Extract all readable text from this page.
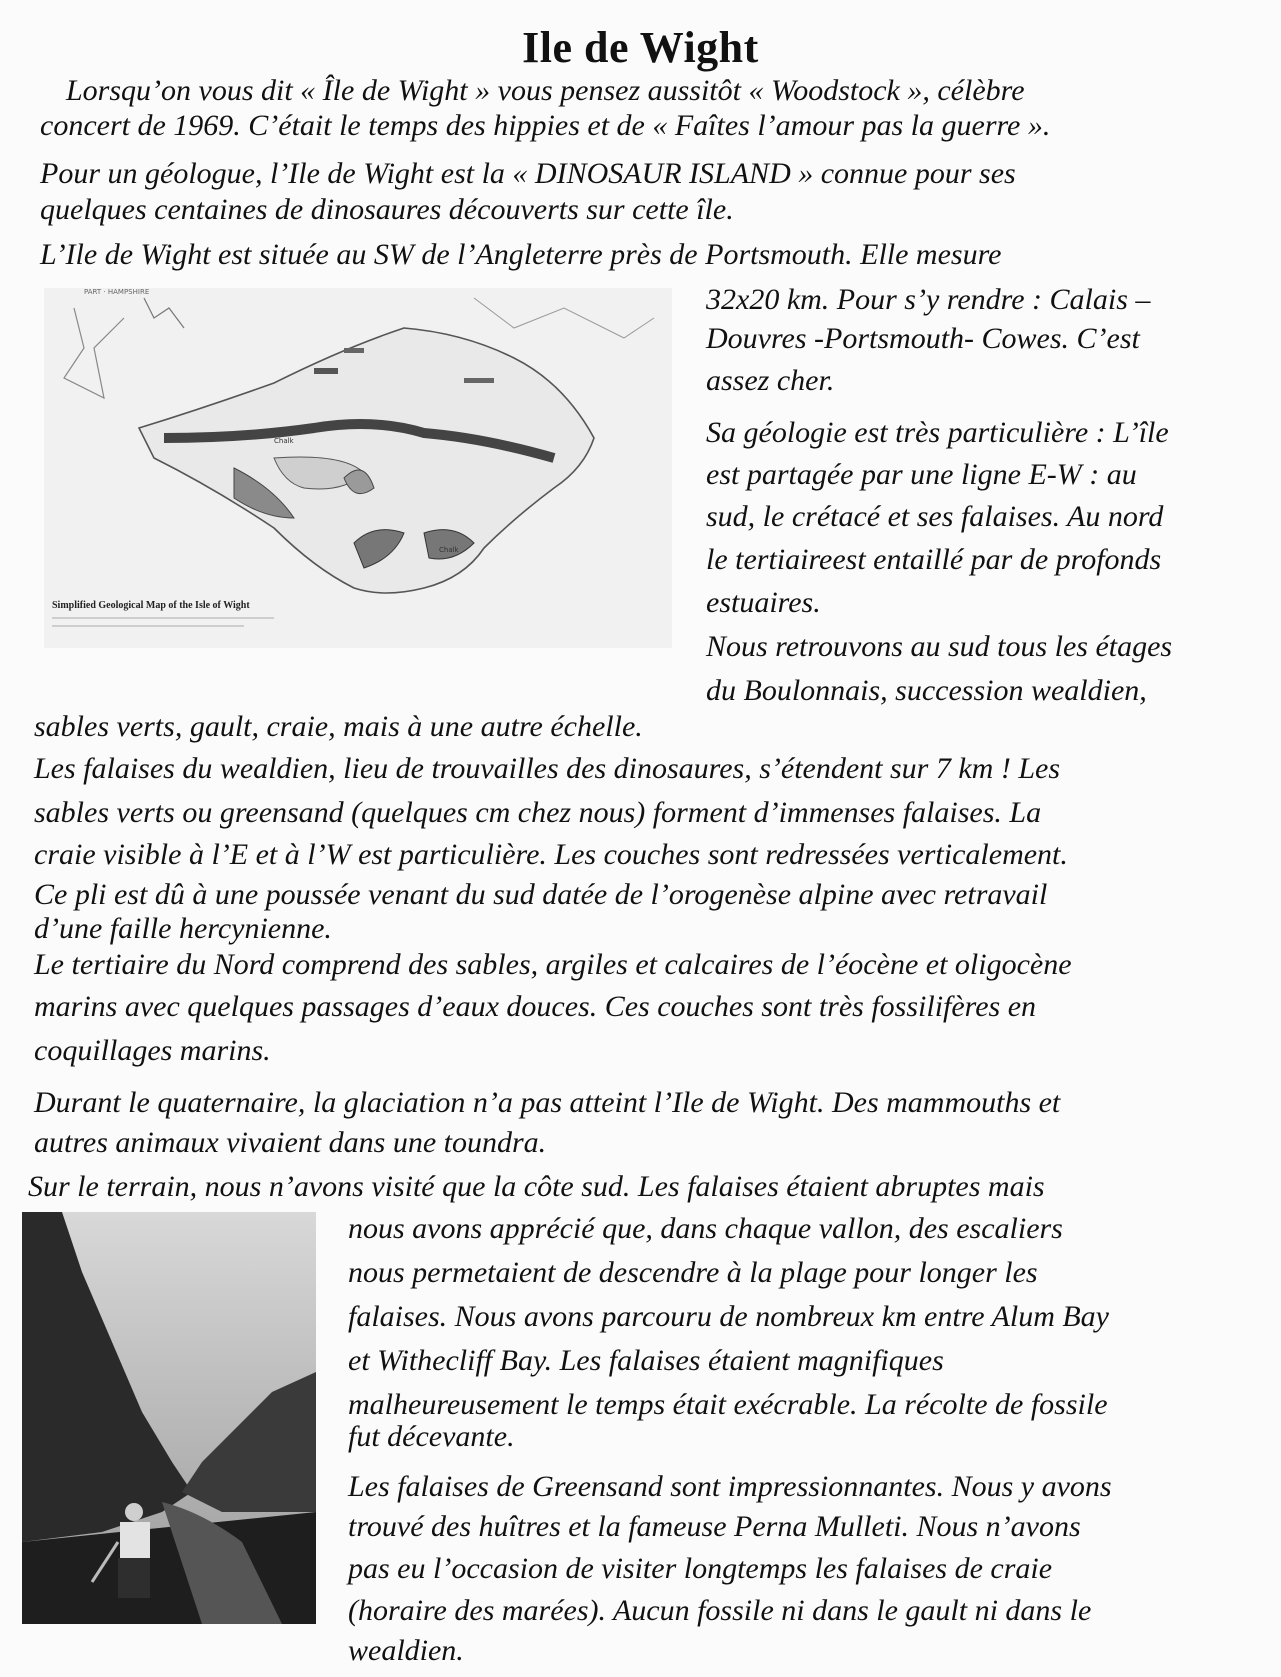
Ile de Wight
Chalk
Chalk
PART · HAMPSHIRE
Simplified Geological Map of the Isle of Wight
Lorsqu’on vous dit « Île de Wight » vous pensez aussitôt « Woodstock », célèbre
concert de 1969. C’était le temps des hippies et de « Faîtes l’amour pas la guerre ».
Pour un géologue, l’Ile de Wight est la « DINOSAUR ISLAND » connue pour ses
quelques centaines de dinosaures découverts sur cette île.
L’Ile de Wight est située au SW de l’Angleterre près de Portsmouth. Elle mesure
32x20 km. Pour s’y rendre : Calais –
Douvres -Portsmouth- Cowes. C’est
assez cher.
Sa géologie est très particulière : L’île
est partagée par une ligne E-W : au
sud, le crétacé et ses falaises. Au nord
le tertiaireest entaillé par de profonds
estuaires.
Nous retrouvons au sud tous les étages
du Boulonnais, succession wealdien,
sables verts, gault, craie, mais à une autre échelle.
Les falaises du wealdien, lieu de trouvailles des dinosaures, s’étendent sur 7 km ! Les
sables verts ou greensand (quelques cm chez nous) forment d’immenses falaises. La
craie visible à l’E et à l’W est particulière. Les couches sont redressées verticalement.
Ce pli est dû à une poussée venant du sud datée de l’orogenèse alpine avec retravail
d’une faille hercynienne.
Le tertiaire du Nord comprend des sables, argiles et calcaires de l’éocène et oligocène
marins avec quelques passages d’eaux douces. Ces couches sont très fossilifères en
coquillages marins.
Durant le quaternaire, la glaciation n’a pas atteint l’Ile de Wight. Des mammouths et
autres animaux vivaient dans une toundra.
Sur le terrain, nous n’avons visité que la côte sud. Les falaises étaient abruptes mais
nous avons apprécié que, dans chaque vallon, des escaliers
nous permetaient de descendre à la plage pour longer les
falaises. Nous avons parcouru de nombreux km entre Alum Bay
et Withecliff Bay. Les falaises étaient magnifiques
malheureusement le temps était exécrable. La récolte de fossile
fut décevante.
Les falaises de Greensand sont impressionnantes. Nous y avons
trouvé des huîtres et la fameuse Perna Mulleti. Nous n’avons
pas eu l’occasion de visiter longtemps les falaises de craie
(horaire des marées). Aucun fossile ni dans le gault ni dans le
wealdien.
